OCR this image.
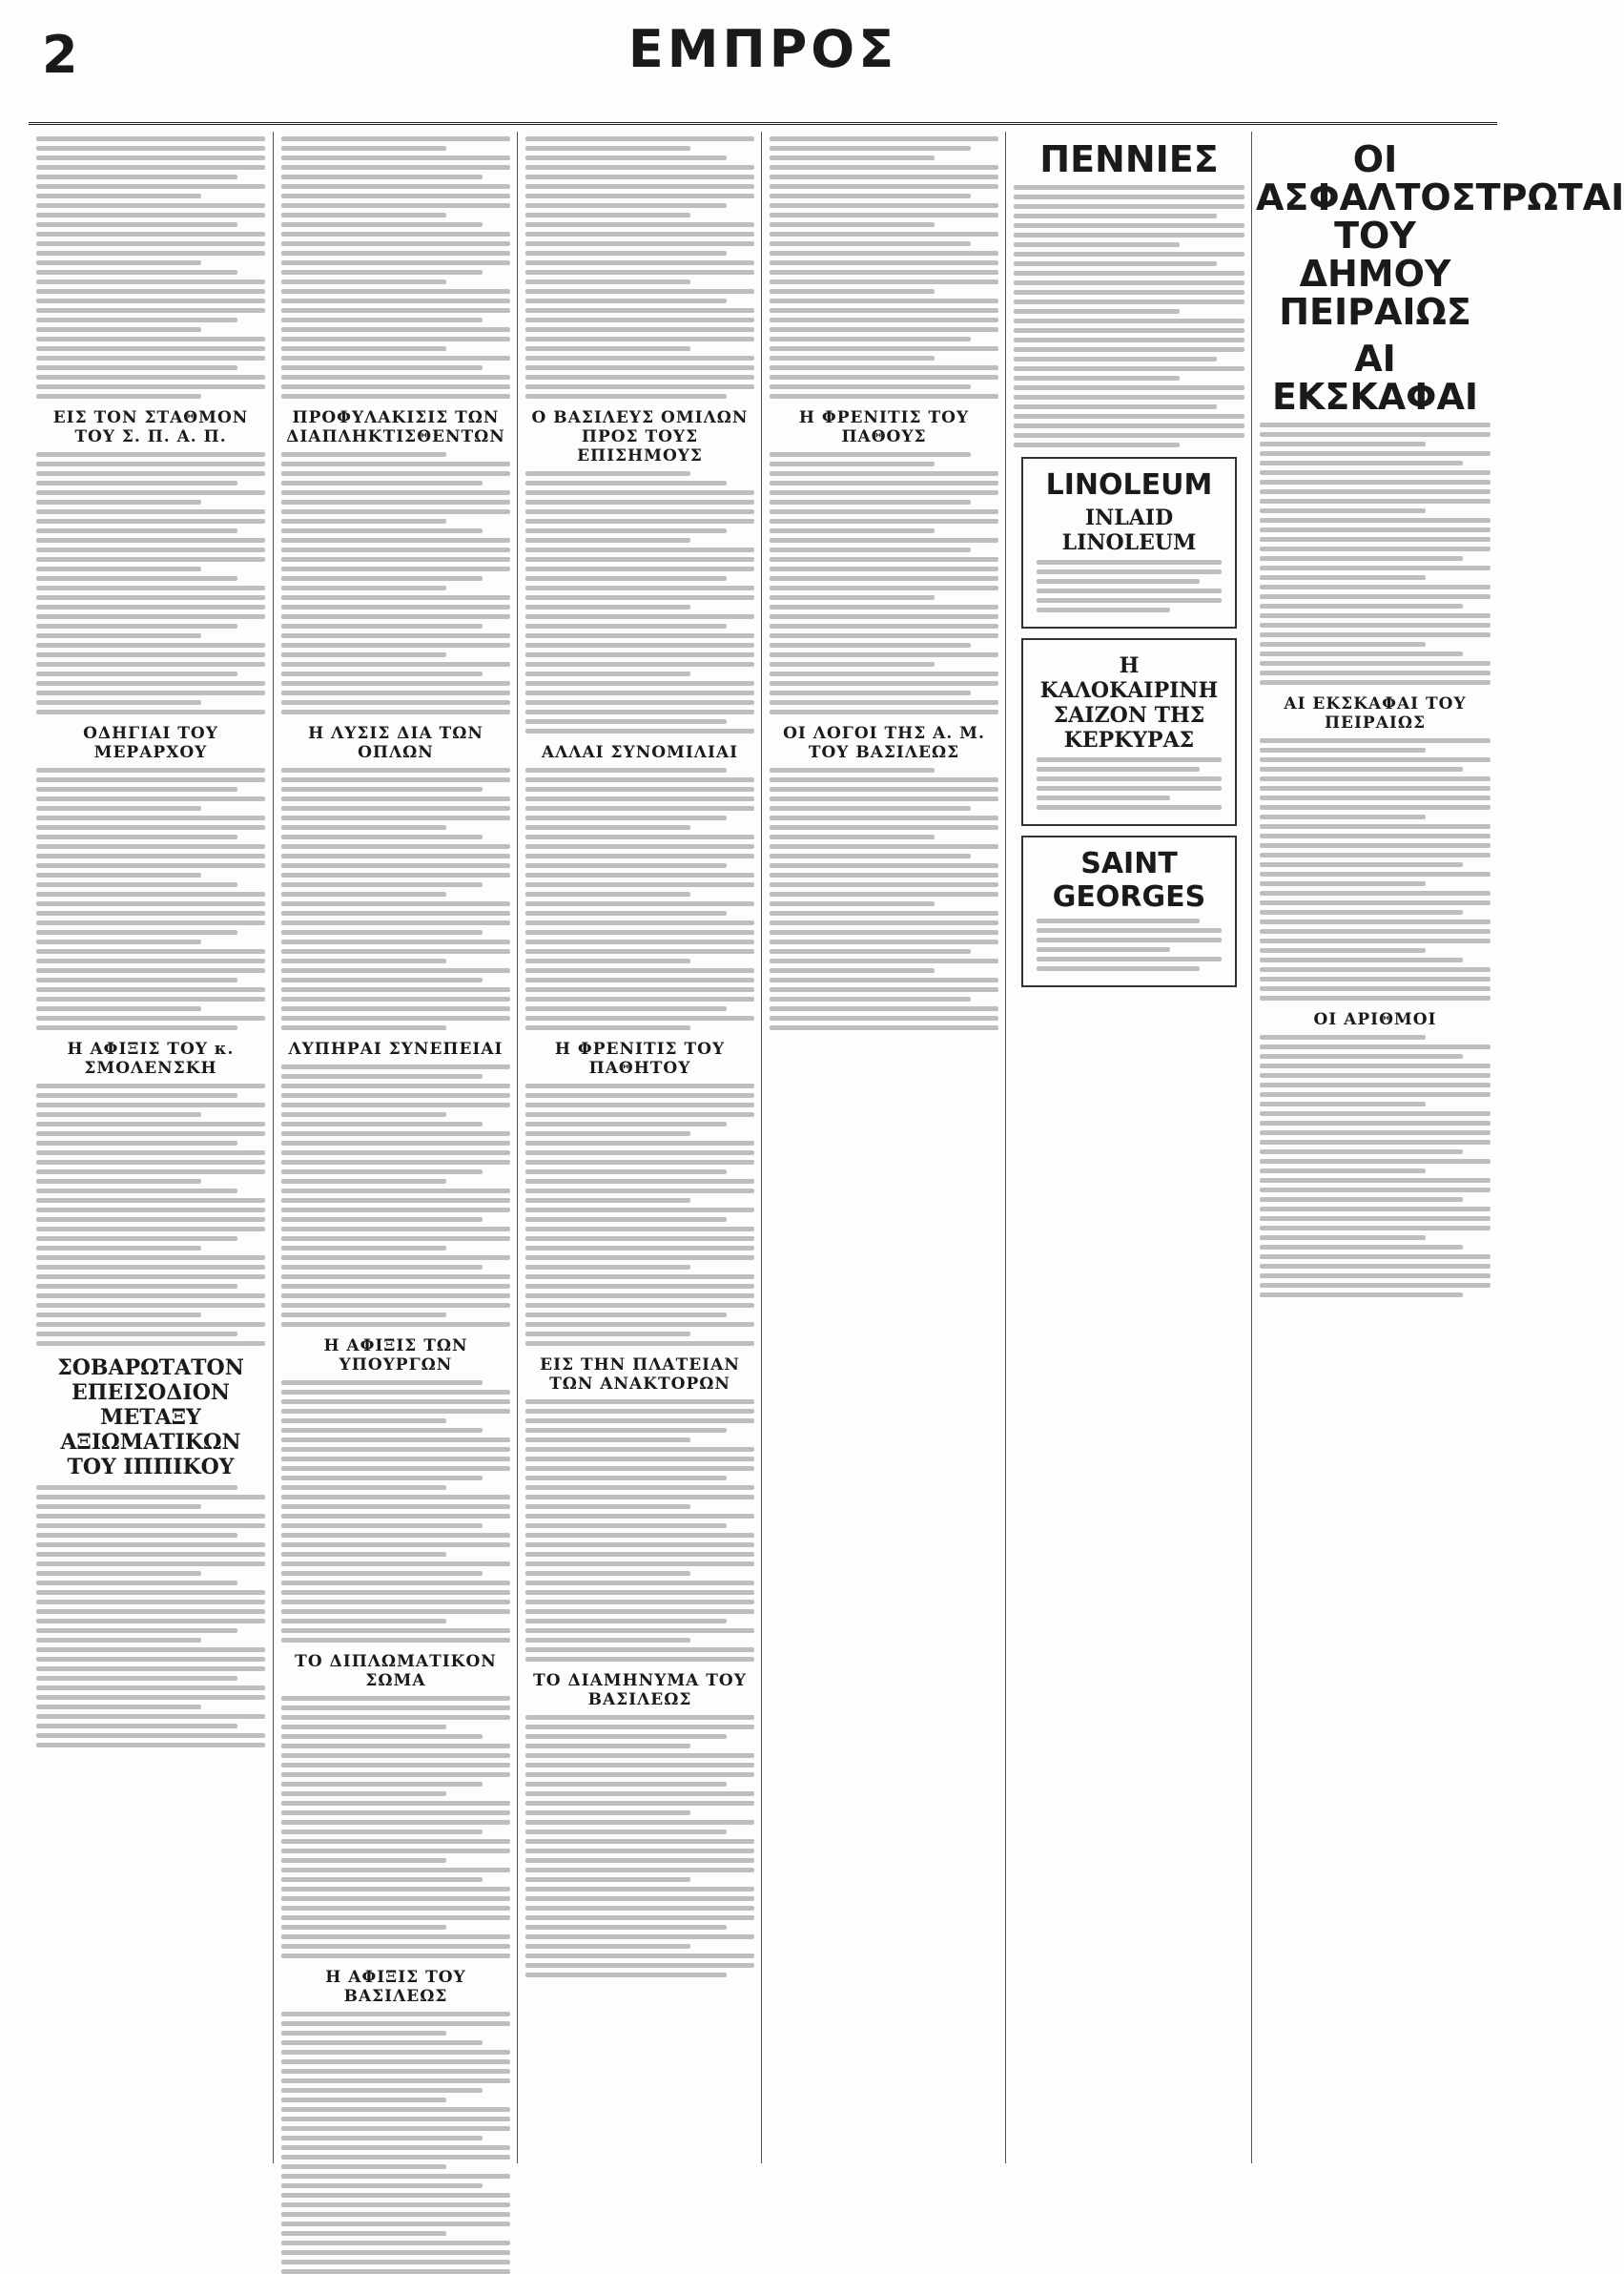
2	ΕΜΠΡΟΣ
ΕΙΣ ΤΟΝ ΣΤΑΘΜΟΝ ΤΟΥ Σ. Π. Α. Π.
ΟΔΗΓΙΑΙ ΤΟΥ ΜΕΡΑΡΧΟΥ
Η ΑΦΙΞΙΣ ΤΟΥ κ. ΣΜΟΛΕΝΣΚΗ
ΣΟΒΑΡΩΤΑΤΟΝ ΕΠΕΙΣΟΔΙΟΝ ΜΕΤΑΞΥ ΑΞΙΩΜΑΤΙΚΩΝ ΤΟΥ ΙΠΠΙΚΟΥ
ΠΡΟΦΥΛΑΚΙΣΙΣ ΤΩΝ ΔΙΑΠΛΗΚΤΙΣΘΕΝΤΩΝ
Η ΛΥΣΙΣ ΔΙΑ ΤΩΝ ΟΠΛΩΝ
ΛΥΠΗΡΑΙ ΣΥΝΕΠΕΙΑΙ
Η ΑΦΙΞΙΣ ΤΩΝ ΥΠΟΥΡΓΩΝ
ΤΟ ΔΙΠΛΩΜΑΤΙΚΟΝ ΣΩΜΑ
Η ΑΦΙΞΙΣ ΤΟΥ ΒΑΣΙΛΕΩΣ
Ο ΒΑΣΙΛΕΥΣ ΟΜΙΛΩΝ ΠΡΟΣ ΤΟΥΣ ΕΠΙΣΗΜΟΥΣ
ΑΛΛΑΙ ΣΥΝΟΜΙΛΙΑΙ
Η ΦΡΕΝΙΤΙΣ ΤΟΥ ΠΑΘΗΤΟΥ
ΕΙΣ ΤΗΝ ΠΛΑΤΕΙΑΝ ΤΩΝ ΑΝΑΚΤΟΡΩΝ
ΤΟ ΔΙΑΜΗΝΥΜΑ ΤΟΥ ΒΑΣΙΛΕΩΣ
Η ΦΡΕΝΙΤΙΣ ΤΟΥ ΠΑΘΟΥΣ
ΟΙ ΛΟΓΟΙ ΤΗΣ Α. Μ. ΤΟΥ ΒΑΣΙΛΕΩΣ
ΠΕΝΝΙΕΣ
LINOLEUM
INLAID LINOLEUM
Η ΚΑΛΟΚΑΙΡΙΝΗ ΣΑΙΖΟΝ ΤΗΣ ΚΕΡΚΥΡΑΣ
SAINT GEORGES
ΟΙ ΑΣΦΑΛΤΟΣΤΡΩΤΑΙ ΤΟΥ ΔΗΜΟΥ ΠΕΙΡΑΙΩΣ
ΑΙ ΕΚΣΚΑΦΑΙ
ΑΙ ΕΚΣΚΑΦΑΙ ΤΟΥ ΠΕΙΡΑΙΩΣ
ΟΙ ΑΡΙΘΜΟΙ
